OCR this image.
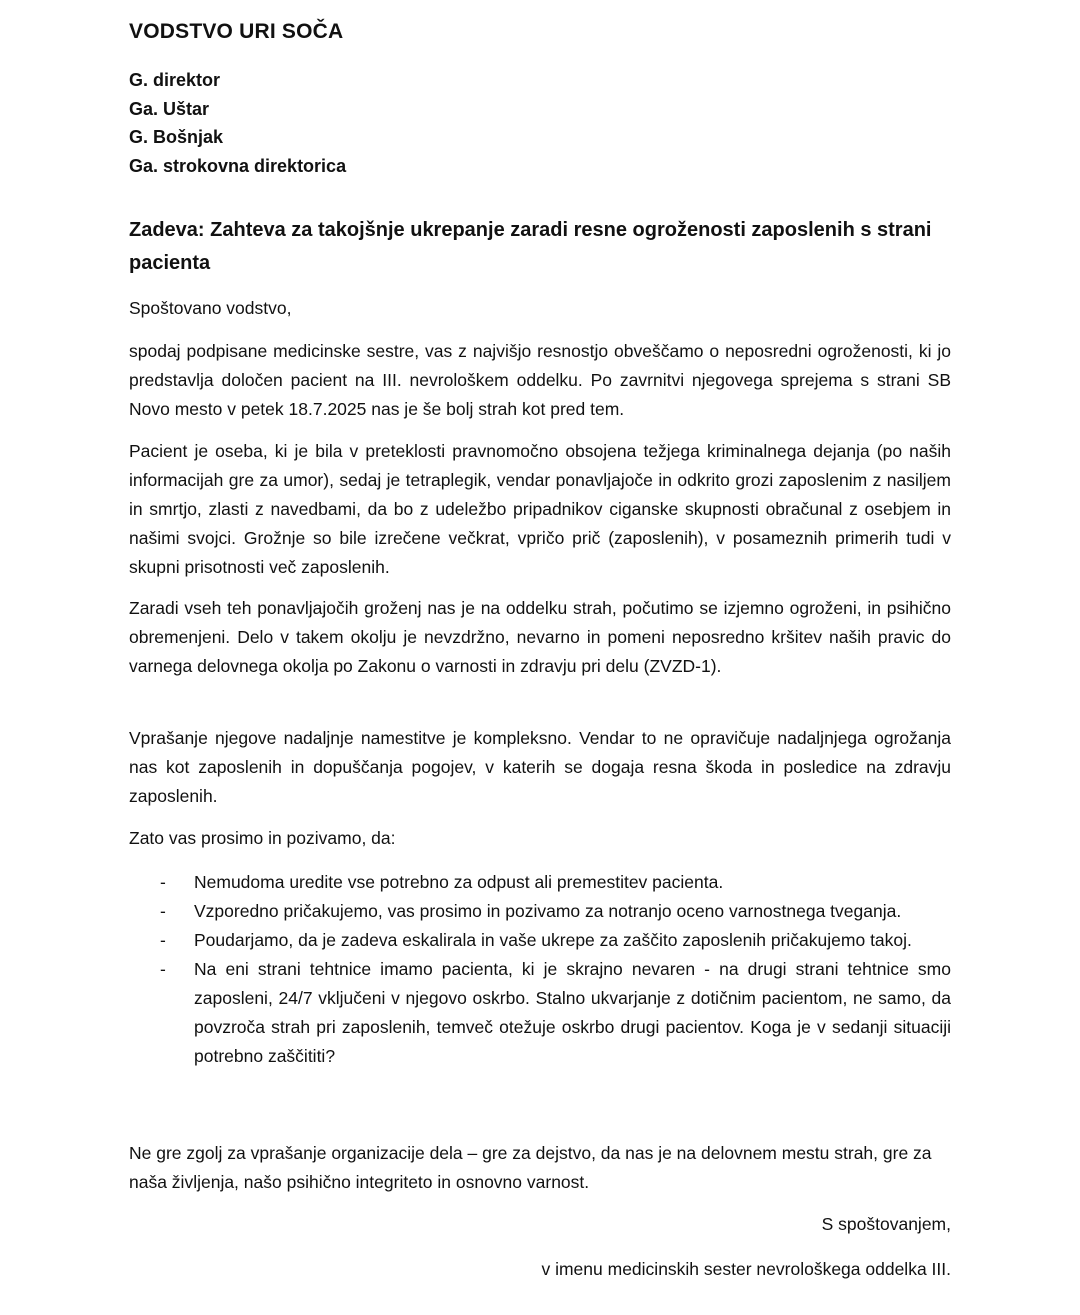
VODSTVO URI SOČA
G. direktor
Ga. Uštar
G. Bošnjak
Ga. strokovna direktorica
Zadeva: Zahteva za takojšnje ukrepanje zaradi resne ogroženosti zaposlenih s strani pacienta
Spoštovano vodstvo,
spodaj podpisane medicinske sestre, vas z najvišjo resnostjo obveščamo o neposredni ogroženosti, ki jo predstavlja določen pacient na III. nevrološkem oddelku. Po zavrnitvi njegovega sprejema s strani SB Novo mesto v petek 18.7.2025 nas je še bolj strah kot pred tem.
Pacient je oseba, ki je bila v preteklosti pravnomočno obsojena težjega kriminalnega dejanja (po naših informacijah gre za umor), sedaj je tetraplegik, vendar ponavljajoče in odkrito grozi zaposlenim z nasiljem in smrtjo, zlasti z navedbami, da bo z udeležbo pripadnikov ciganske skupnosti obračunal z osebjem in našimi svojci. Grožnje so bile izrečene večkrat, vpričo prič (zaposlenih), v posameznih primerih tudi v skupni prisotnosti več zaposlenih.
Zaradi vseh teh ponavljajočih groženj nas je na oddelku strah, počutimo se izjemno ogroženi, in psihično obremenjeni. Delo v takem okolju je nevzdržno, nevarno in pomeni neposredno kršitev naših pravic do varnega delovnega okolja po Zakonu o varnosti in zdravju pri delu (ZVZD-1).
Vprašanje njegove nadaljnje namestitve je kompleksno. Vendar to ne opravičuje nadaljnjega ogrožanja nas kot zaposlenih in dopuščanja pogojev, v katerih se dogaja resna škoda in posledice na zdravju zaposlenih.
Zato vas prosimo in pozivamo, da:
- Nemudoma uredite vse potrebno za odpust ali premestitev pacienta.
- Vzporedno pričakujemo, vas prosimo in pozivamo za notranjo oceno varnostnega tveganja.
- Poudarjamo, da je zadeva eskalirala in vaše ukrepe za zaščito zaposlenih pričakujemo takoj.
- Na eni strani tehtnice imamo pacienta, ki je skrajno nevaren - na drugi strani tehtnice smo zaposleni, 24/7 vključeni v njegovo oskrbo. Stalno ukvarjanje z dotičnim pacientom, ne samo, da povzroča strah pri zaposlenih, temveč otežuje oskrbo drugi pacientov. Koga je v sedanji situaciji potrebno zaščititi?
Ne gre zgolj za vprašanje organizacije dela – gre za dejstvo, da nas je na delovnem mestu strah, gre za naša življenja, našo psihično integriteto in osnovno varnost.
S spoštovanjem,
v imenu medicinskih sester nevrološkega oddelka III.
